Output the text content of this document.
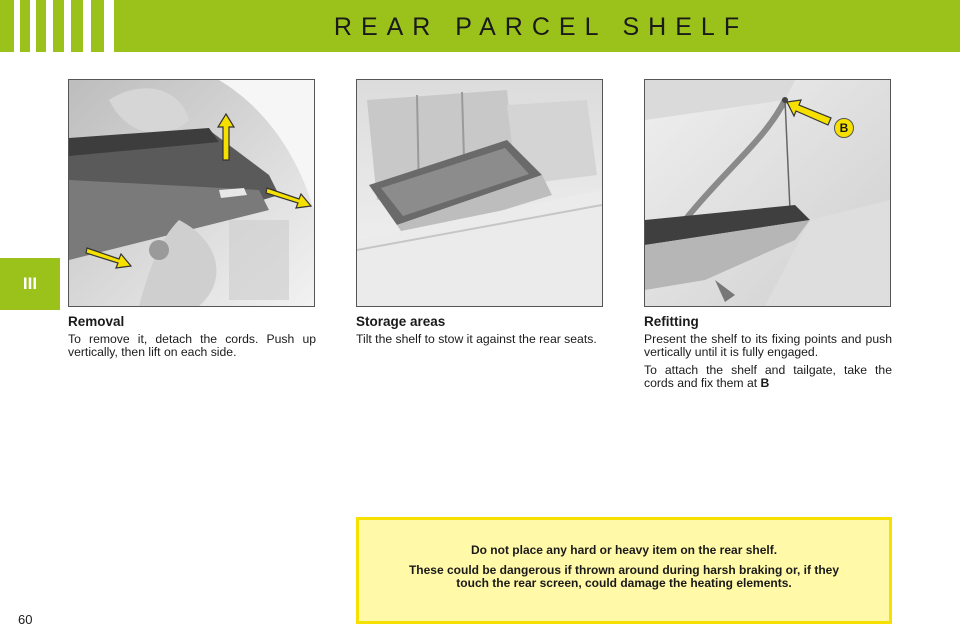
REAR PARCEL SHELF
III
B
Removal

To remove it, detach the cords. Push up vertically, then lift on each side.

Storage areas

Tilt the shelf to stow it against the rear seats.

Refitting

Present the shelf to its fixing points and push vertically until it is fully engaged.

To attach the shelf and tailgate, take the cords and fix them at B

Do not place any hard or heavy item on the rear shelf.

These could be dangerous if thrown around during harsh braking or, if they touch the rear screen, could damage the heating elements.

60
